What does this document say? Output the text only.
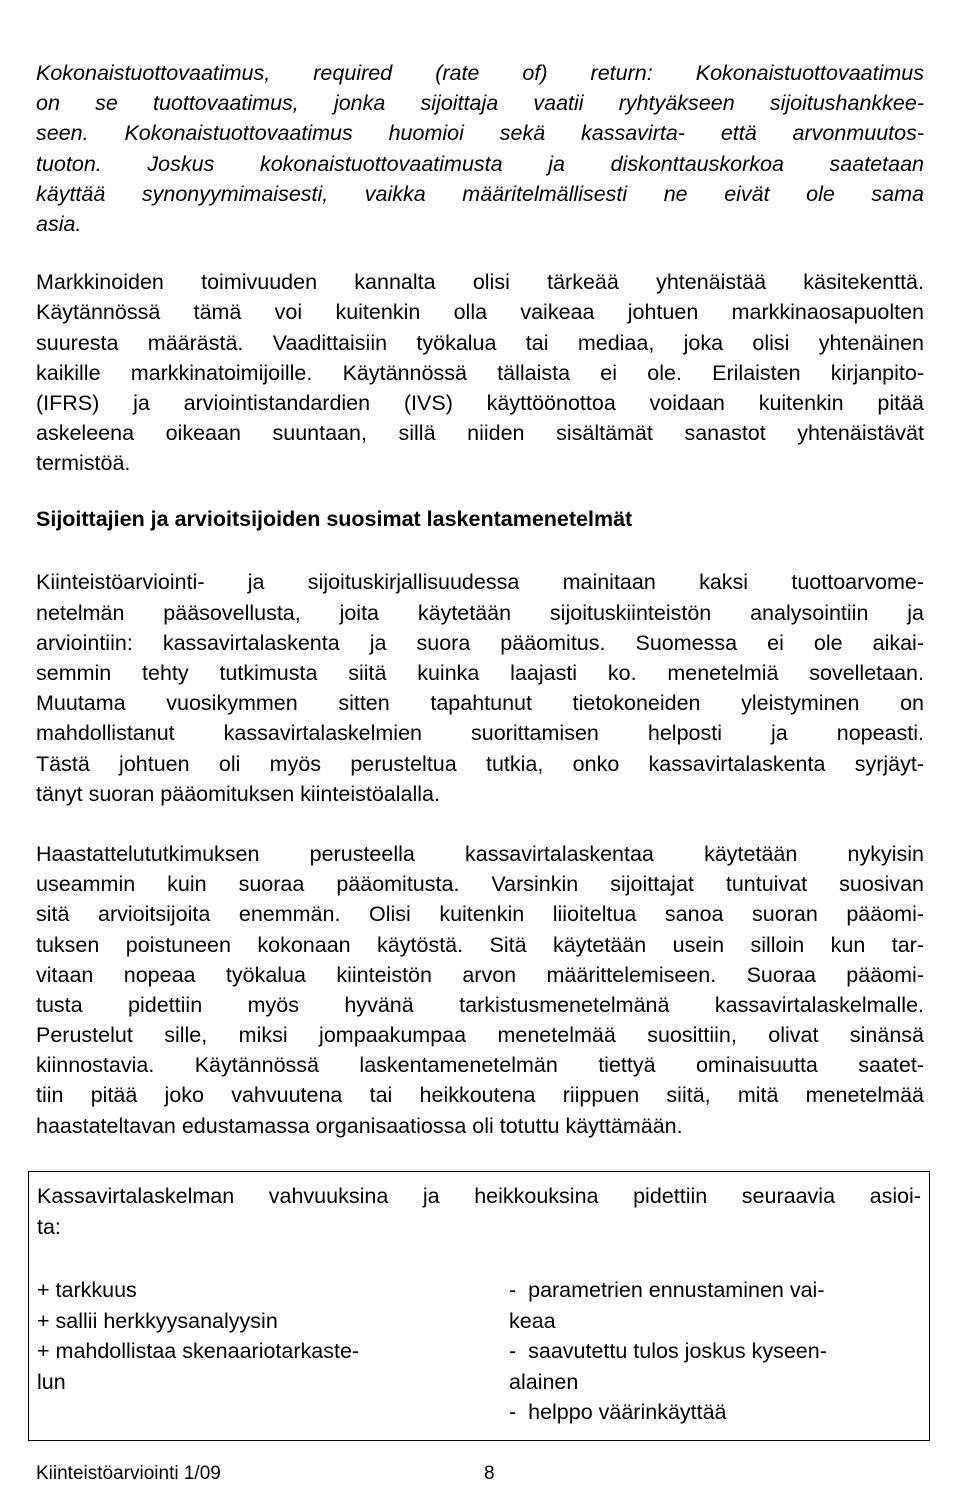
Kokonaistuottovaatimus, required (rate of) return: Kokonaistuottovaatimus
on se tuottovaatimus, jonka sijoittaja vaatii ryhtyäkseen sijoitushankkee-
seen. Kokonaistuottovaatimus huomioi sekä kassavirta- että arvonmuutos-
tuoton. Joskus kokonaistuottovaatimusta ja diskonttauskorkoa saatetaan
käyttää synonyymimaisesti, vaikka määritelmällisesti ne eivät ole sama
asia.
Markkinoiden toimivuuden kannalta olisi tärkeää yhtenäistää käsitekenttä.
Käytännössä tämä voi kuitenkin olla vaikeaa johtuen markkinaosapuolten
suuresta määrästä. Vaadittaisiin työkalua tai mediaa, joka olisi yhtenäinen
kaikille markkinatoimijoille. Käytännössä tällaista ei ole. Erilaisten kirjanpito-
(IFRS) ja arviointistandardien (IVS) käyttöönottoa voidaan kuitenkin pitää
askeleena oikeaan suuntaan, sillä niiden sisältämät sanastot yhtenäistävät
termistöä.
Sijoittajien ja arvioitsijoiden suosimat laskentamenetelmät
Kiinteistöarviointi- ja sijoituskirjallisuudessa mainitaan kaksi tuottoarvome-
netelmän pääsovellusta, joita käytetään sijoituskiinteistön analysointiin ja
arviointiin: kassavirtalaskenta ja suora pääomitus. Suomessa ei ole aikai-
semmin tehty tutkimusta siitä kuinka laajasti ko. menetelmiä sovelletaan.
Muutama vuosikymmen sitten tapahtunut tietokoneiden yleistyminen on
mahdollistanut kassavirtalaskelmien suorittamisen helposti ja nopeasti.
Tästä johtuen oli myös perusteltua tutkia, onko kassavirtalaskenta syrjäyt-
tänyt suoran pääomituksen kiinteistöalalla.
Haastattelututkimuksen perusteella kassavirtalaskentaa käytetään nykyisin
useammin kuin suoraa pääomitusta. Varsinkin sijoittajat tuntuivat suosivan
sitä arvioitsijoita enemmän. Olisi kuitenkin liioiteltua sanoa suoran pääomi-
tuksen poistuneen kokonaan käytöstä. Sitä käytetään usein silloin kun tar-
vitaan nopeaa työkalua kiinteistön arvon määrittelemiseen. Suoraa pääomi-
tusta pidettiin myös hyvänä tarkistusmenetelmänä kassavirtalaskelmalle.
Perustelut sille, miksi jompaakumpaa menetelmää suosittiin, olivat sinänsä
kiinnostavia. Käytännössä laskentamenetelmän tiettyä ominaisuutta saatet-
tiin pitää joko vahvuutena tai heikkoutena riippuen siitä, mitä menetelmää
haastateltavan edustamassa organisaatiossa oli totuttu käyttämään.
Kassavirtalaskelman vahvuuksina ja heikkouksina pidettiin seuraavia asioi-
ta:
+ tarkkuus
+ sallii herkkyysanalyysin
+ mahdollistaa skenaariotarkaste-
lun
-  parametrien ennustaminen vai-
keaa
-  saavutettu tulos joskus kyseen-
alainen
-  helppo väärinkäyttää
Kiinteistöarviointi 1/09	8
